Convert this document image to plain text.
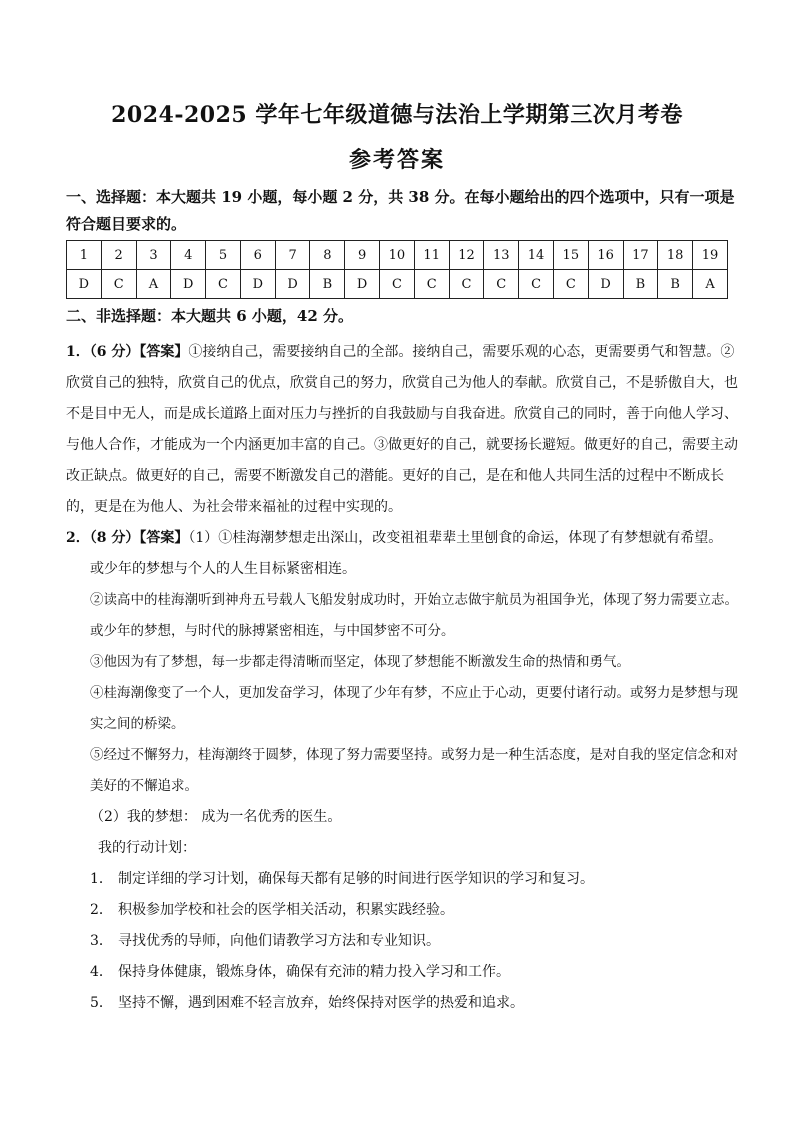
2024-2025 学年七年级道德与法治上学期第三次月考卷
参考答案
一、选择题：本大题共 19 小题，每小题 2 分，共 38 分。在每小题给出的四个选项中，只有一项是符合题目要求的。
1	2	3	4	5	6	7	8	9	10	11	12	13	14	15	16	17	18	19
D	C	A	D	C	D	D	B	D	C	C	C	C	C	C	D	B	B	A
二、非选择题：本大题共 6 小题，42 分。
1．（6 分）【答案】①接纳自己，需要接纳自己的全部。接纳自己，需要乐观的心态，更需要勇气和智慧。②欣赏自己的独特，欣赏自己的优点，欣赏自己的努力，欣赏自己为他人的奉献。欣赏自己，不是骄傲自大，也不是目中无人，而是成长道路上面对压力与挫折的自我鼓励与自我奋进。欣赏自己的同时，善于向他人学习、与他人合作，才能成为一个内涵更加丰富的自己。③做更好的自己，就要扬长避短。做更好的自己，需要主动改正缺点。做更好的自己，需要不断激发自己的潜能。更好的自己，是在和他人共同生活的过程中不断成长的，更是在为他人、为社会带来福祉的过程中实现的。
2．（8 分）【答案】（1）①桂海潮梦想走出深山，改变祖祖辈辈土里刨食的命运，体现了有梦想就有希望。
或少年的梦想与个人的人生目标紧密相连。
②读高中的桂海潮听到神舟五号载人飞船发射成功时，开始立志做宇航员为祖国争光，体现了努力需要立志。或少年的梦想，与时代的脉搏紧密相连，与中国梦密不可分。
③他因为有了梦想，每一步都走得清晰而坚定，体现了梦想能不断激发生命的热情和勇气。
④桂海潮像变了一个人，更加发奋学习，体现了少年有梦，不应止于心动，更要付诸行动。或努力是梦想与现实之间的桥梁。
⑤经过不懈努力，桂海潮终于圆梦，体现了努力需要坚持。或努力是一种生活态度，是对自我的坚定信念和对美好的不懈追求。
（2）我的梦想： 成为一名优秀的医生。
我的行动计划：
1． 制定详细的学习计划，确保每天都有足够的时间进行医学知识的学习和复习。
2． 积极参加学校和社会的医学相关活动，积累实践经验。
3． 寻找优秀的导师，向他们请教学习方法和专业知识。
4． 保持身体健康，锻炼身体，确保有充沛的精力投入学习和工作。
5． 坚持不懈，遇到困难不轻言放弃，始终保持对医学的热爱和追求。
